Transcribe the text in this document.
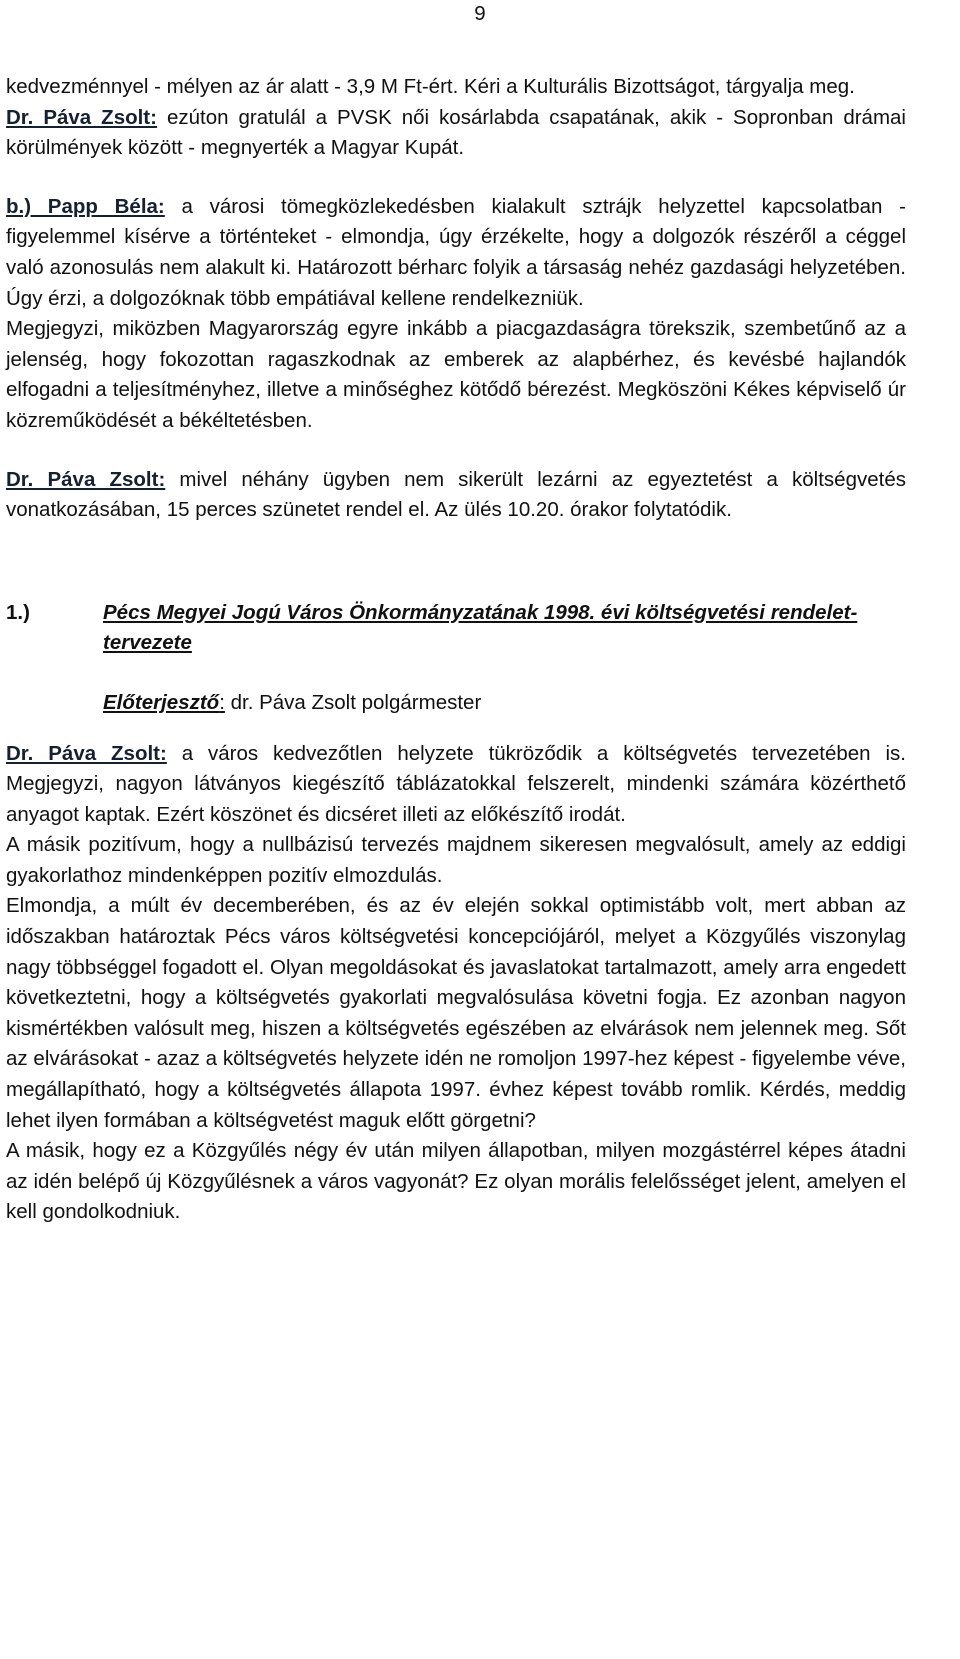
9

kedvezménnyel - mélyen az ár alatt - 3,9 M Ft-ért. Kéri a Kulturális Bizottságot, tárgyalja meg.

Dr. Páva Zsolt: ezúton gratulál a PVSK női kosárlabda csapatának, akik - Sopronban drámai körülmények között - megnyerték a Magyar Kupát.

b.) Papp Béla: a városi tömegközlekedésben kialakult sztrájk helyzettel kapcsolatban - figyelemmel kísérve a történteket - elmondja, úgy érzékelte, hogy a dolgozók részéről a céggel való azonosulás nem alakult ki. Határozott bérharc folyik a társaság nehéz gazdasági helyzetében. Úgy érzi, a dolgozóknak több empátiával kellene rendelkezniük.

Megjegyzi, miközben Magyarország egyre inkább a piacgazdaságra törekszik, szembetűnő az a jelenség, hogy fokozottan ragaszkodnak az emberek az alapbérhez, és kevésbé hajlandók elfogadni a teljesítményhez, illetve a minőséghez kötődő bérezést. Megköszöni Kékes képviselő úr közreműködését a békéltetésben.

Dr. Páva Zsolt: mivel néhány ügyben nem sikerült lezárni az egyeztetést a költségvetés vonatkozásában, 15 perces szünetet rendel el. Az ülés 10.20. órakor folytatódik.

1.)	Pécs Megyei Jogú Város Önkormányzatának 1998. évi költségvetési rendelet-tervezete
Előterjesztő: dr. Páva Zsolt polgármester

Dr. Páva Zsolt: a város kedvezőtlen helyzete tükröződik a költségvetés tervezetében is. Megjegyzi, nagyon látványos kiegészítő táblázatokkal felszerelt, mindenki számára közérthető anyagot kaptak. Ezért köszönet és dicséret illeti az előkészítő irodát.

A másik pozitívum, hogy a nullbázisú tervezés majdnem sikeresen megvalósult, amely az eddigi gyakorlathoz mindenképpen pozitív elmozdulás.

Elmondja, a múlt év decemberében, és az év elején sokkal optimistább volt, mert abban az időszakban határoztak Pécs város költségvetési koncepciójáról, melyet a Közgyűlés viszonylag nagy többséggel fogadott el. Olyan megoldásokat és javaslatokat tartalmazott, amely arra engedett következtetni, hogy a költségvetés gyakorlati megvalósulása követni fogja. Ez azonban nagyon kismértékben valósult meg, hiszen a költségvetés egészében az elvárások nem jelennek meg. Sőt az elvárásokat - azaz a költségvetés helyzete idén ne romoljon 1997-hez képest - figyelembe véve, megállapítható, hogy a költségvetés állapota 1997. évhez képest tovább romlik. Kérdés, meddig lehet ilyen formában a költségvetést maguk előtt görgetni?

A másik, hogy ez a Közgyűlés négy év után milyen állapotban, milyen mozgástérrel képes átadni az idén belépő új Közgyűlésnek a város vagyonát? Ez olyan morális felelősséget jelent, amelyen el kell gondolkodniuk.
